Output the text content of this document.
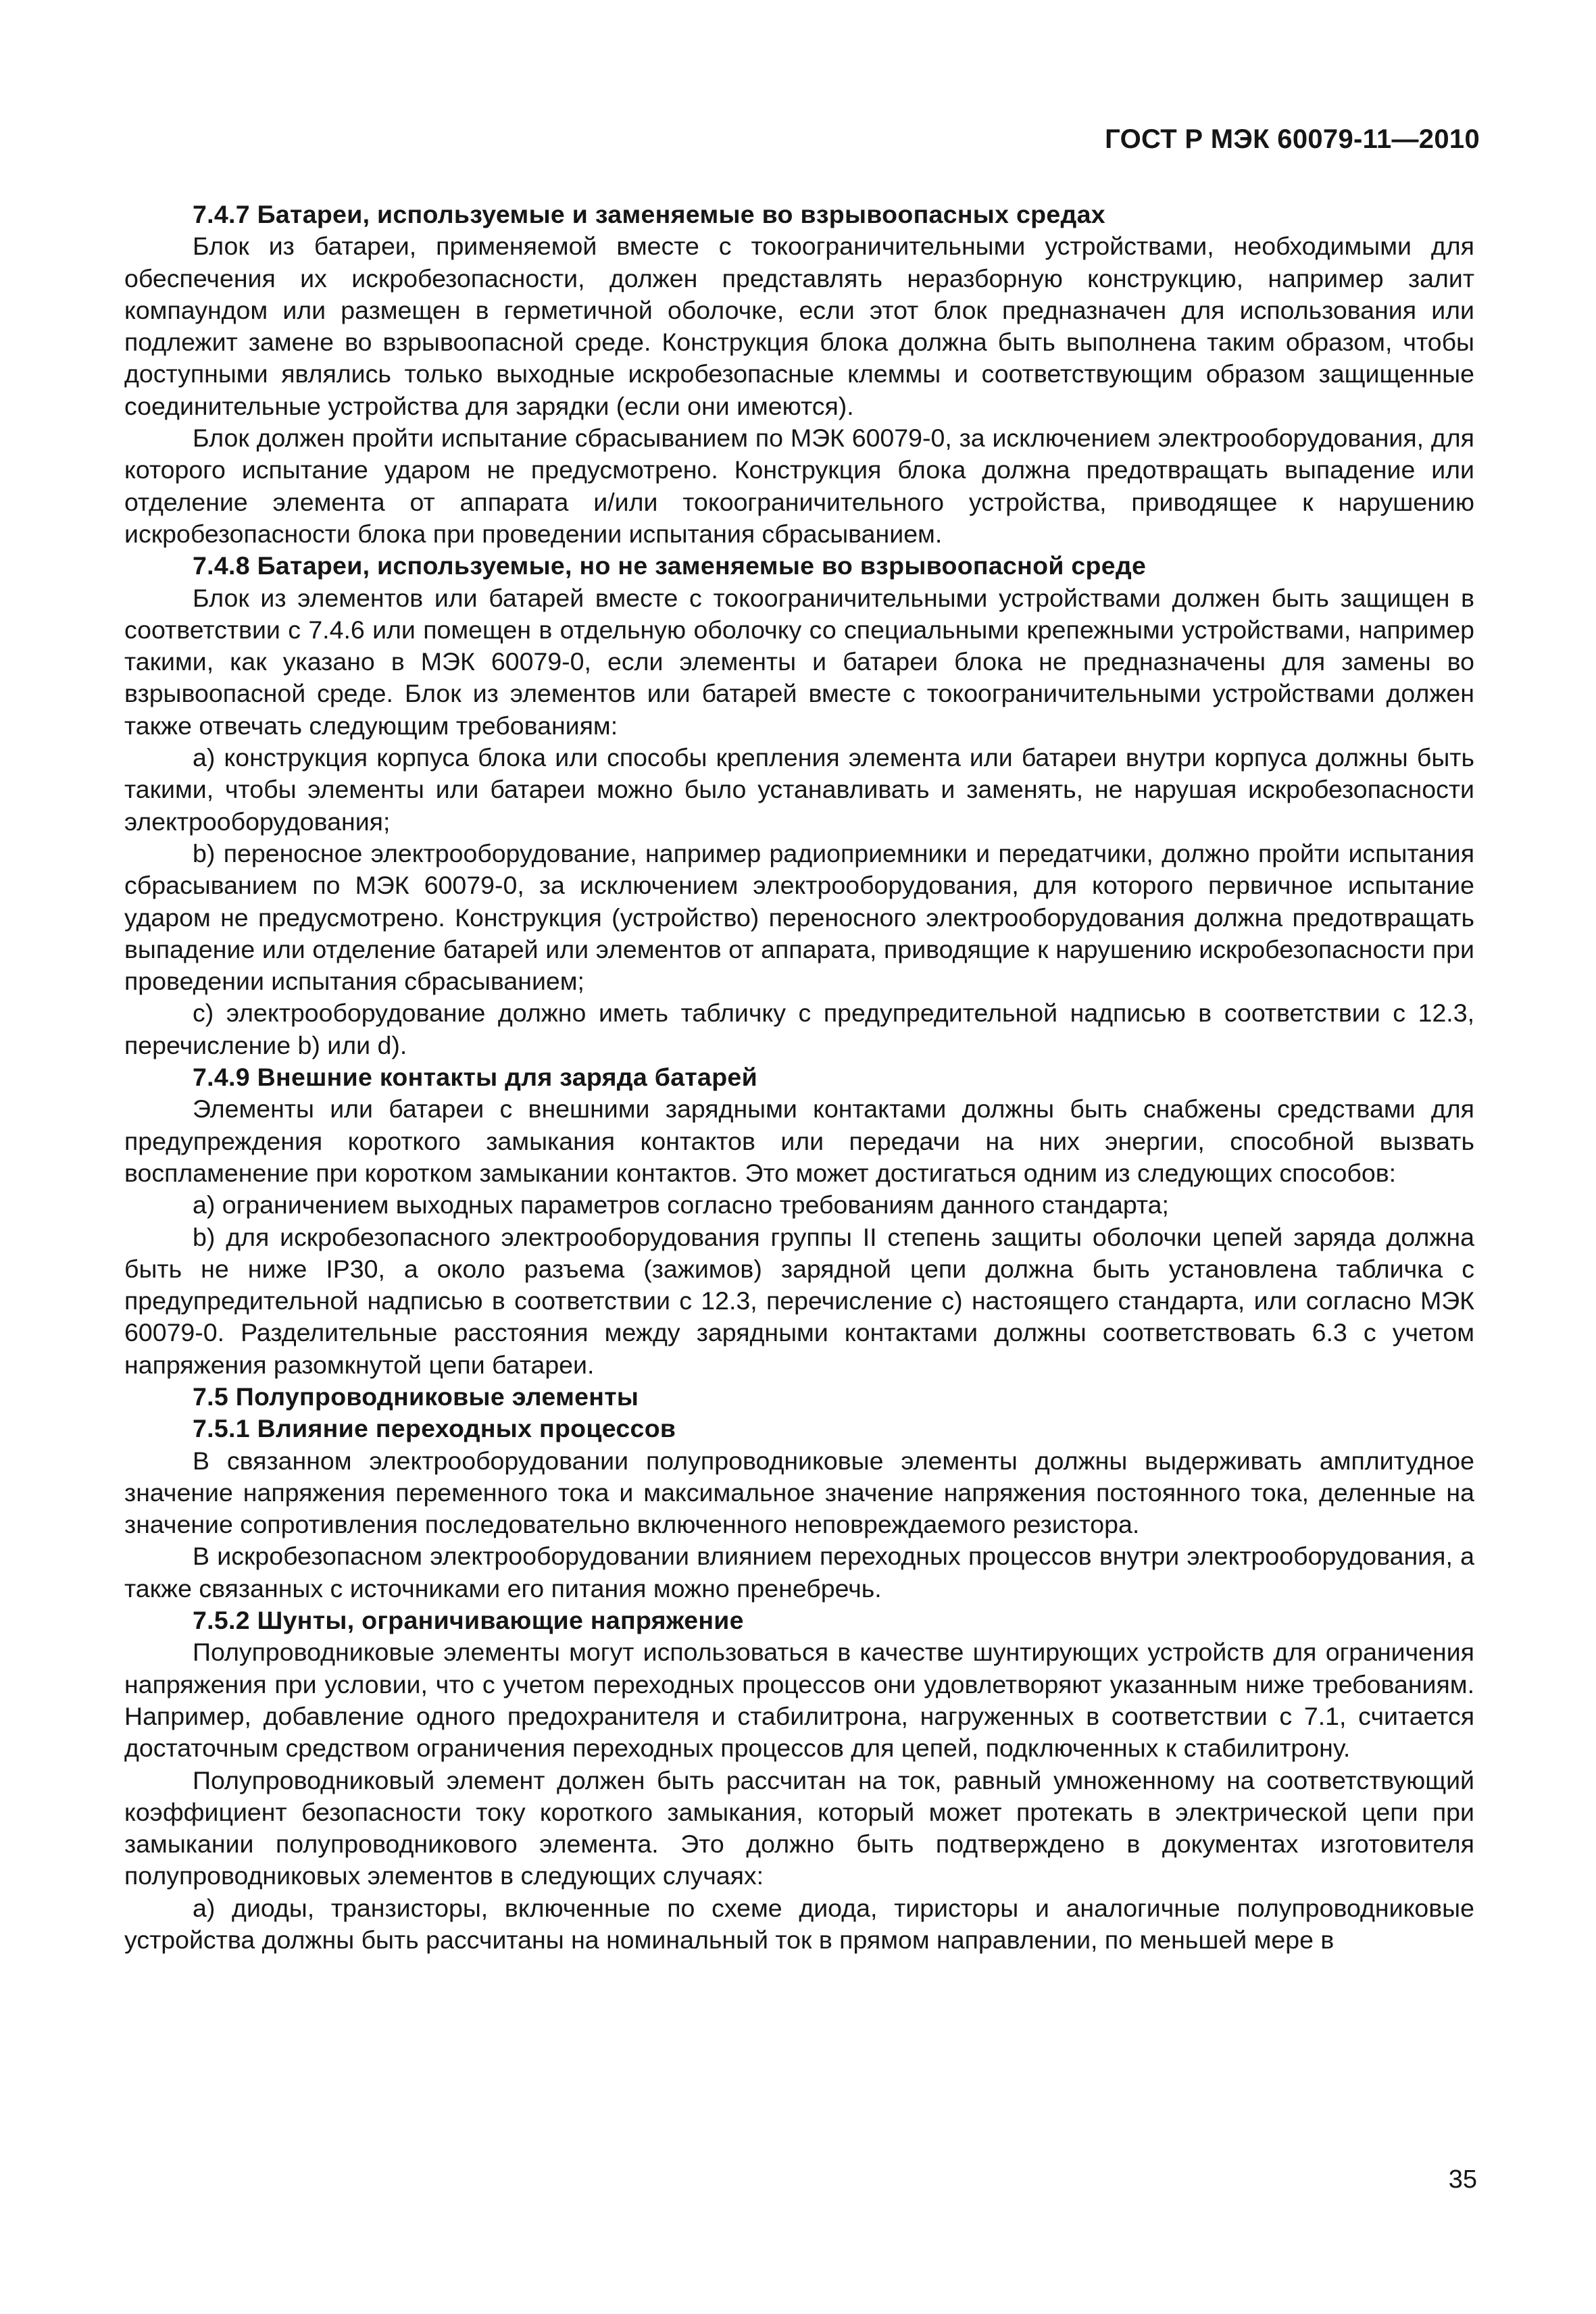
ГОСТ Р МЭК 60079-11—2010

7.4.7 Батареи, используемые и заменяемые во взрывоопасных средах

Блок из батареи, применяемой вместе с токоограничительными устройствами, необходимыми для обеспечения их искробезопасности, должен представлять неразборную конструкцию, например залит компаундом или размещен в герметичной оболочке, если этот блок предназначен для использования или подлежит замене во взрывоопасной среде. Конструкция блока должна быть выполнена таким образом, чтобы доступными являлись только выходные искробезопасные клеммы и соответствующим образом защищенные соединительные устройства для зарядки (если они имеются).

Блок должен пройти испытание сбрасыванием по МЭК 60079-0, за исключением электрооборудования, для которого испытание ударом не предусмотрено. Конструкция блока должна предотвращать выпадение или отделение элемента от аппарата и/или токоограничительного устройства, приводящее к нарушению искробезопасности блока при проведении испытания сбрасыванием.

7.4.8 Батареи, используемые, но не заменяемые во взрывоопасной среде

Блок из элементов или батарей вместе с токоограничительными устройствами должен быть защищен в соответствии с 7.4.6 или помещен в отдельную оболочку со специальными крепежными устройствами, например такими, как указано в МЭК 60079-0, если элементы и батареи блока не предназначены для замены во взрывоопасной среде. Блок из элементов или батарей вместе с токоограничительными устройствами должен также отвечать следующим требованиям:

a) конструкция корпуса блока или способы крепления элемента или батареи внутри корпуса должны быть такими, чтобы элементы или батареи можно было устанавливать и заменять, не нарушая искробезопасности электрооборудования;

b) переносное электрооборудование, например радиоприемники и передатчики, должно пройти испытания сбрасыванием по МЭК 60079-0, за исключением электрооборудования, для которого первичное испытание ударом не предусмотрено. Конструкция (устройство) переносного электрооборудования должна предотвращать выпадение или отделение батарей или элементов от аппарата, приводящие к нарушению искробезопасности при проведении испытания сбрасыванием;

c) электрооборудование должно иметь табличку с предупредительной надписью в соответствии с 12.3, перечисление b) или d).

7.4.9 Внешние контакты для заряда батарей

Элементы или батареи с внешними зарядными контактами должны быть снабжены средствами для предупреждения короткого замыкания контактов или передачи на них энергии, способной вызвать воспламенение при коротком замыкании контактов. Это может достигаться одним из следующих способов:

a) ограничением выходных параметров согласно требованиям данного стандарта;

b) для искробезопасного электрооборудования группы II степень защиты оболочки цепей заряда должна быть не ниже IP30, а около разъема (зажимов) зарядной цепи должна быть установлена табличка с предупредительной надписью в соответствии с 12.3, перечисление с) настоящего стандарта, или согласно МЭК 60079-0. Разделительные расстояния между зарядными контактами должны соответствовать 6.3 с учетом напряжения разомкнутой цепи батареи.

7.5 Полупроводниковые элементы

7.5.1 Влияние переходных процессов

В связанном электрооборудовании полупроводниковые элементы должны выдерживать амплитудное значение напряжения переменного тока и максимальное значение напряжения постоянного тока, деленные на значение сопротивления последовательно включенного неповреждаемого резистора.

В искробезопасном электрооборудовании влиянием переходных процессов внутри электрооборудования, а также связанных с источниками его питания можно пренебречь.

7.5.2 Шунты, ограничивающие напряжение

Полупроводниковые элементы могут использоваться в качестве шунтирующих устройств для ограничения напряжения при условии, что с учетом переходных процессов они удовлетворяют указанным ниже требованиям. Например, добавление одного предохранителя и стабилитрона, нагруженных в соответствии с 7.1, считается достаточным средством ограничения переходных процессов для цепей, подключенных к стабилитрону.

Полупроводниковый элемент должен быть рассчитан на ток, равный умноженному на соответствующий коэффициент безопасности току короткого замыкания, который может протекать в электрической цепи при замыкании полупроводникового элемента. Это должно быть подтверждено в документах изготовителя полупроводниковых элементов в следующих случаях:

a) диоды, транзисторы, включенные по схеме диода, тиристоры и аналогичные полупроводниковые устройства должны быть рассчитаны на номинальный ток в прямом направлении, по меньшей мере в

35
